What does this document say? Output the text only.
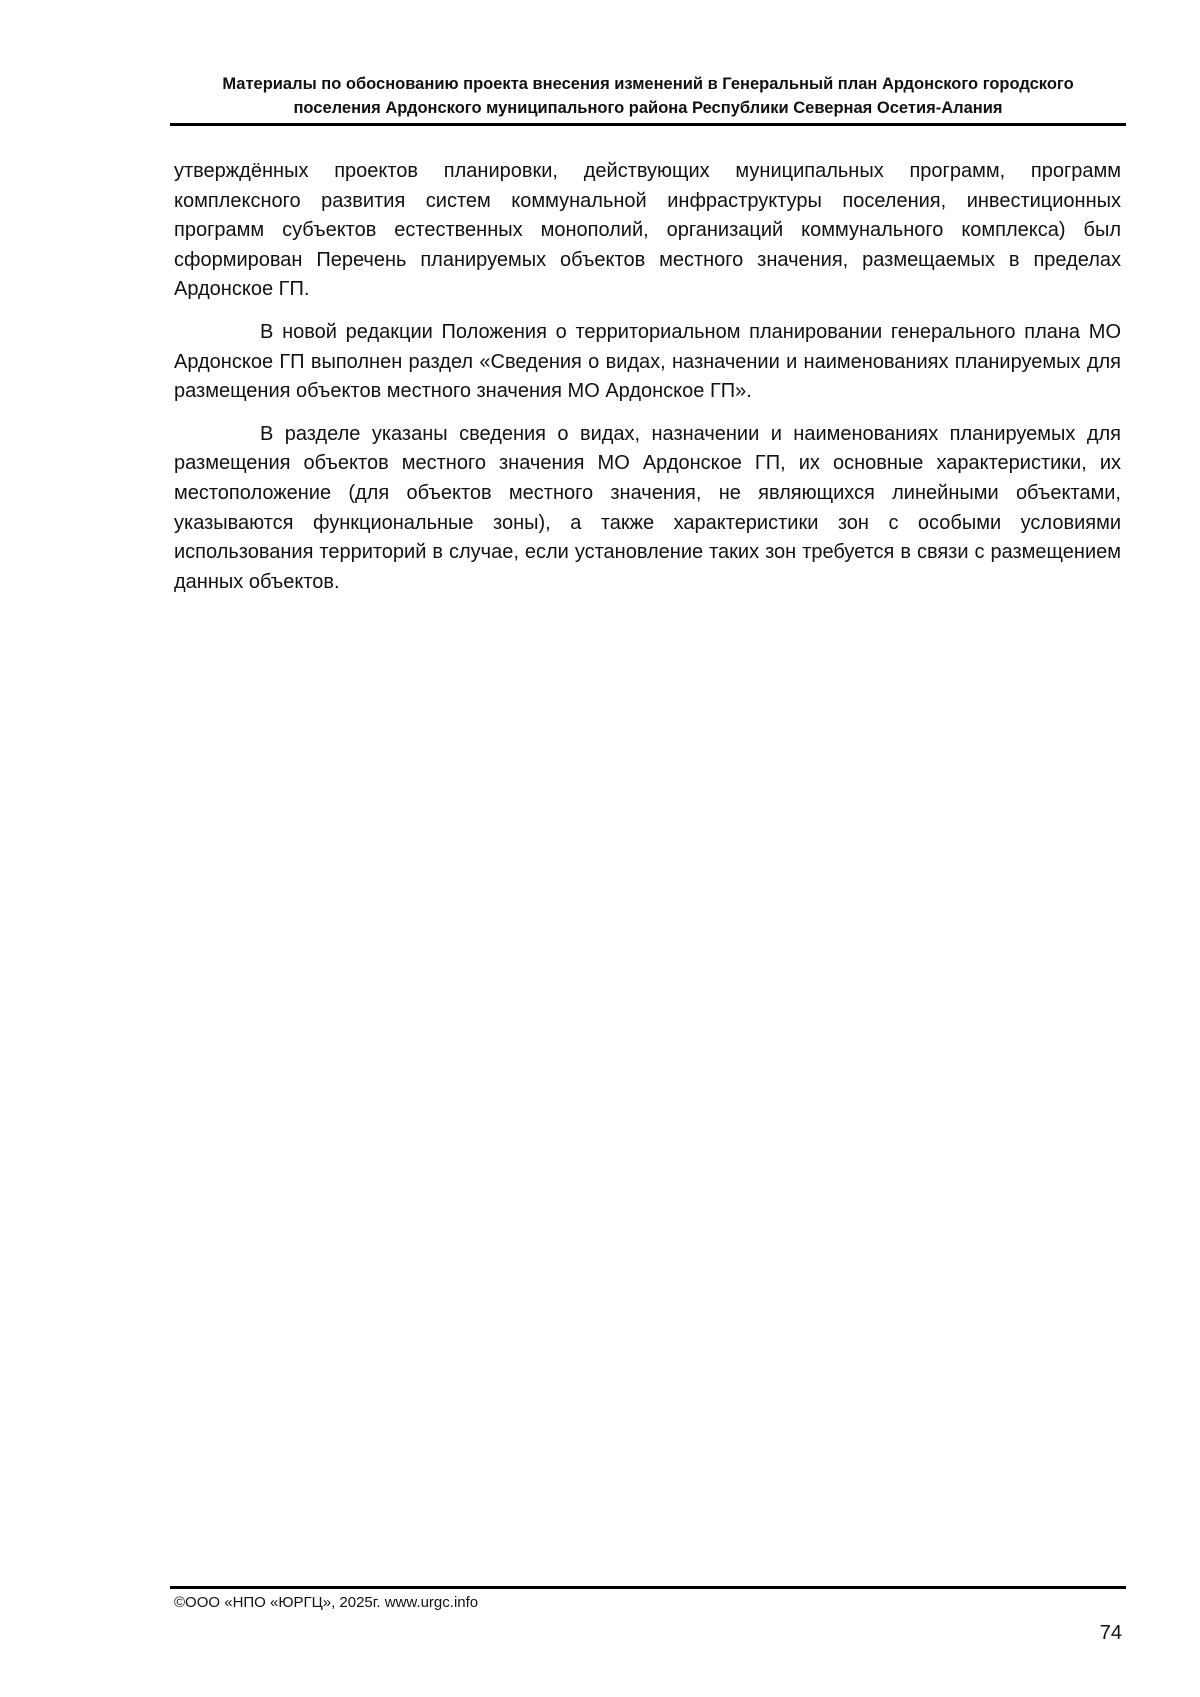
Материалы по обоснованию проекта внесения изменений в Генеральный план Ардонского городского
поселения Ардонского муниципального района Республики Северная Осетия-Алания

утверждённых проектов планировки, действующих муниципальных программ, программ комплексного развития систем коммунальной инфраструктуры поселения, инвестиционных программ субъектов естественных монополий, организаций коммунального комплекса) был сформирован Перечень планируемых объектов местного значения, размещаемых в пределах Ардонское ГП.

В новой редакции Положения о территориальном планировании генерального плана МО Ардонское ГП выполнен раздел «Сведения о видах, назначении и наименованиях планируемых для размещения объектов местного значения МО Ардонское ГП».

В разделе указаны сведения о видах, назначении и наименованиях планируемых для размещения объектов местного значения МО Ардонское ГП, их основные характеристики, их местоположение (для объектов местного значения, не являющихся линейными объектами, указываются функциональные зоны), а также характеристики зон с особыми условиями использования территорий в случае, если установление таких зон требуется в связи с размещением данных объектов.

©ООО «НПО «ЮРГЦ», 2025г. www.urgc.info
74
